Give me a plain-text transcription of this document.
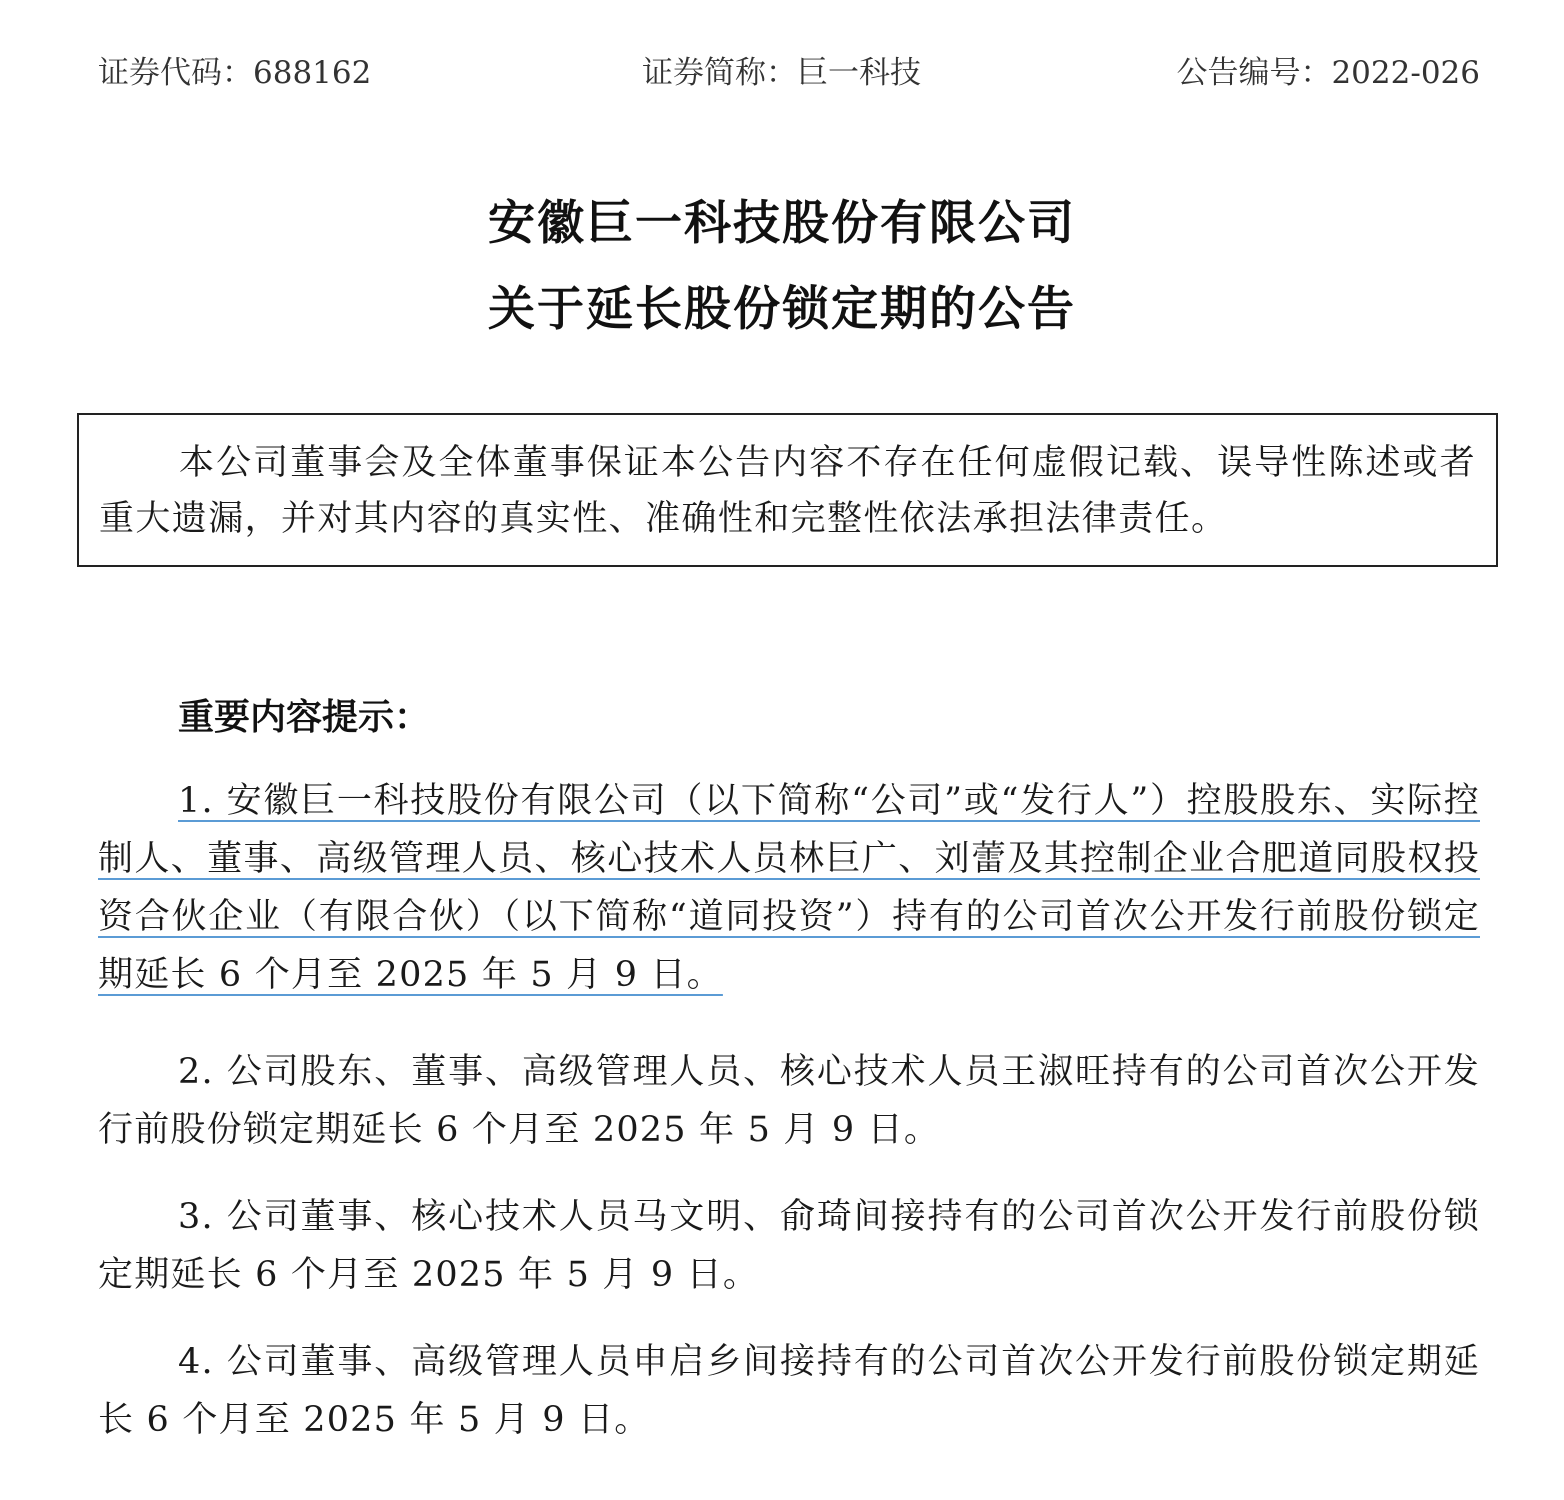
证券代码：688162	证券简称：巨一科技	公告编号：2022-026
安徽巨一科技股份有限公司
关于延长股份锁定期的公告
本公司董事会及全体董事保证本公告内容不存在任何虚假记载、误导性陈述或者重大遗漏，并对其内容的真实性、准确性和完整性依法承担法律责任。
重要内容提示：
1. 安徽巨一科技股份有限公司（以下简称“公司”或“发行人”）控股股东、实际控制人、董事、高级管理人员、核心技术人员林巨广、刘蕾及其控制企业合肥道同股权投资合伙企业（有限合伙）（以下简称“道同投资”）持有的公司首次公开发行前股份锁定期延长 6 个月至 2025 年 5 月 9 日。
2. 公司股东、董事、高级管理人员、核心技术人员王淑旺持有的公司首次公开发行前股份锁定期延长 6 个月至 2025 年 5 月 9 日。
3. 公司董事、核心技术人员马文明、俞琦间接持有的公司首次公开发行前股份锁定期延长 6 个月至 2025 年 5 月 9 日。
4. 公司董事、高级管理人员申启乡间接持有的公司首次公开发行前股份锁定期延长 6 个月至 2025 年 5 月 9 日。
